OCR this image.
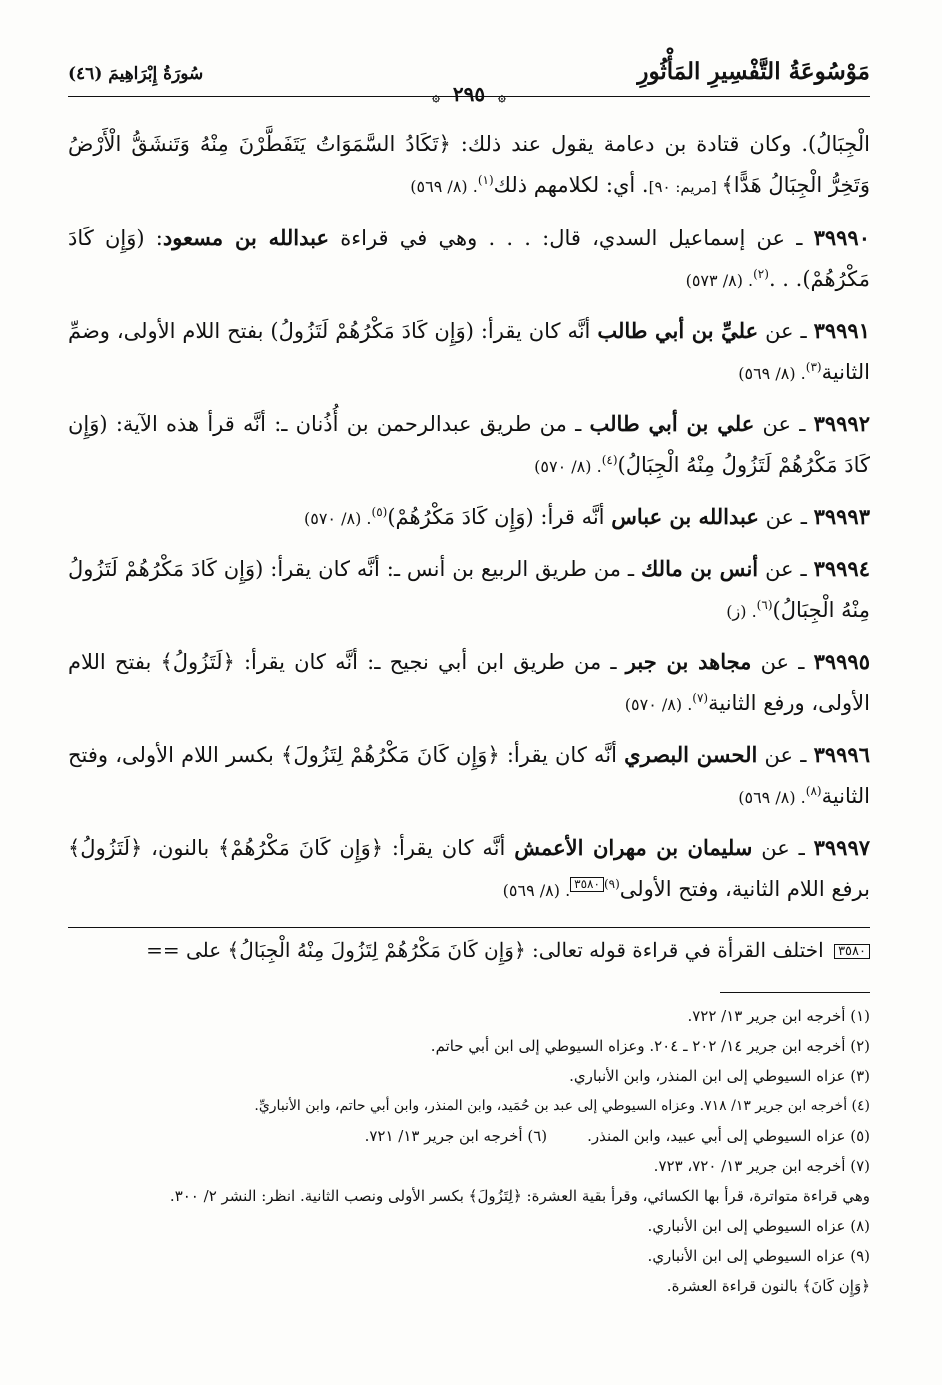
مَوْسُوعَةُ التَّفْسِيرِ المَأْثُورِ
۞ ٢٩٥ ۞
سُورَةُ إِبْرَاهِيمَ (٤٦)

الْجِبَالُ). وكان قتادة بن دعامة يقول عند ذلك: ﴿تَكَادُ السَّمَوَاتُ يَتَفَطَّرْنَ مِنْهُ وَتَنشَقُّ الْأَرْضُ وَتَخِرُّ الْجِبَالُ هَدًّا﴾ [مريم: ٩٠]. أي: لكلامهم ذلك$^{(١)}$. (٨/ ٥٦٩)

٣٩٩٩٠ ـ عن إسماعيل السدي، قال: . . . وهي في قراءة عبدالله بن مسعود: (وَإِن كَادَ مَكْرُهُمْ). . .$^{(٢)}$. (٨/ ٥٧٣)

٣٩٩٩١ ـ عن عليِّ بن أبي طالب أنَّه كان يقرأ: (وَإِن كَادَ مَكْرُهُمْ لَتَزُولُ) بفتح اللام الأولى، وضمِّ الثانية$^{(٣)}$. (٨/ ٥٦٩)

٣٩٩٩٢ ـ عن علي بن أبي طالب ـ من طريق عبدالرحمن بن أُذُنان ـ: أنَّه قرأ هذه الآية: (وَإِن كَادَ مَكْرُهُمْ لَتَزُولُ مِنْهُ الْجِبَالُ)$^{(٤)}$. (٨/ ٥٧٠)

٣٩٩٩٣ ـ عن عبدالله بن عباس أنَّه قرأ: (وَإِن كَادَ مَكْرُهُمْ)$^{(٥)}$. (٨/ ٥٧٠)

٣٩٩٩٤ ـ عن أنس بن مالك ـ من طريق الربيع بن أنس ـ: أنَّه كان يقرأ: (وَإِن كَادَ مَكْرُهُمْ لَتَزُولُ مِنْهُ الْجِبَالُ)$^{(٦)}$. (ز)

٣٩٩٩٥ ـ عن مجاهد بن جبر ـ من طريق ابن أبي نجيح ـ: أنَّه كان يقرأ: ﴿لَتَزُولُ﴾ بفتح اللام الأولى، ورفع الثانية$^{(٧)}$. (٨/ ٥٧٠)

٣٩٩٩٦ ـ عن الحسن البصري أنَّه كان يقرأ: ﴿وَإِن كَانَ مَكْرُهُمْ لِتَزُولَ﴾ بكسر اللام الأولى، وفتح الثانية$^{(٨)}$. (٨/ ٥٦٩)

٣٩٩٩٧ ـ عن سليمان بن مهران الأعمش أنَّه كان يقرأ: ﴿وَإِن كَانَ مَكْرُهُمْ﴾ بالنون، ﴿لَتَزُولُ﴾ برفع اللام الثانية، وفتح الأولى$^{(٩)}$٣٥٨٠. (٨/ ٥٦٩)

٣٥٨٠ اختلف القرأة في قراءة قوله تعالى: ﴿وَإِن كَانَ مَكْرُهُمْ لِتَزُولَ مِنْهُ الْجِبَالُ﴾ على ==

(١) أخرجه ابن جرير ١٣/ ٧٢٢.

(٢) أخرجه ابن جرير ١٤/ ٢٠٢ ـ ٢٠٤. وعزاه السيوطي إلى ابن أبي حاتم.

(٣) عزاه السيوطي إلى ابن المنذر، وابن الأنباري.

(٤) أخرجه ابن جرير ١٣/ ٧١٨. وعزاه السيوطي إلى عبد بن حُمَيد، وابن المنذر، وابن أبي حاتم، وابن الأنباريِّ.

(٥) عزاه السيوطي إلى أبي عبيد، وابن المنذر.(٦) أخرجه ابن جرير ١٣/ ٧٢١.

(٧) أخرجه ابن جرير ١٣/ ٧٢٠، ٧٢٣.

وهي قراءة متواترة، قرأ بها الكسائي، وقرأ بقية العشرة: ﴿لِتَزُولَ﴾ بكسر الأولى ونصب الثانية. انظر: النشر ٢/ ٣٠٠.

(٨) عزاه السيوطي إلى ابن الأنباري.

(٩) عزاه السيوطي إلى ابن الأنباري.

﴿وَإِن كَانَ﴾ بالنون قراءة العشرة.
